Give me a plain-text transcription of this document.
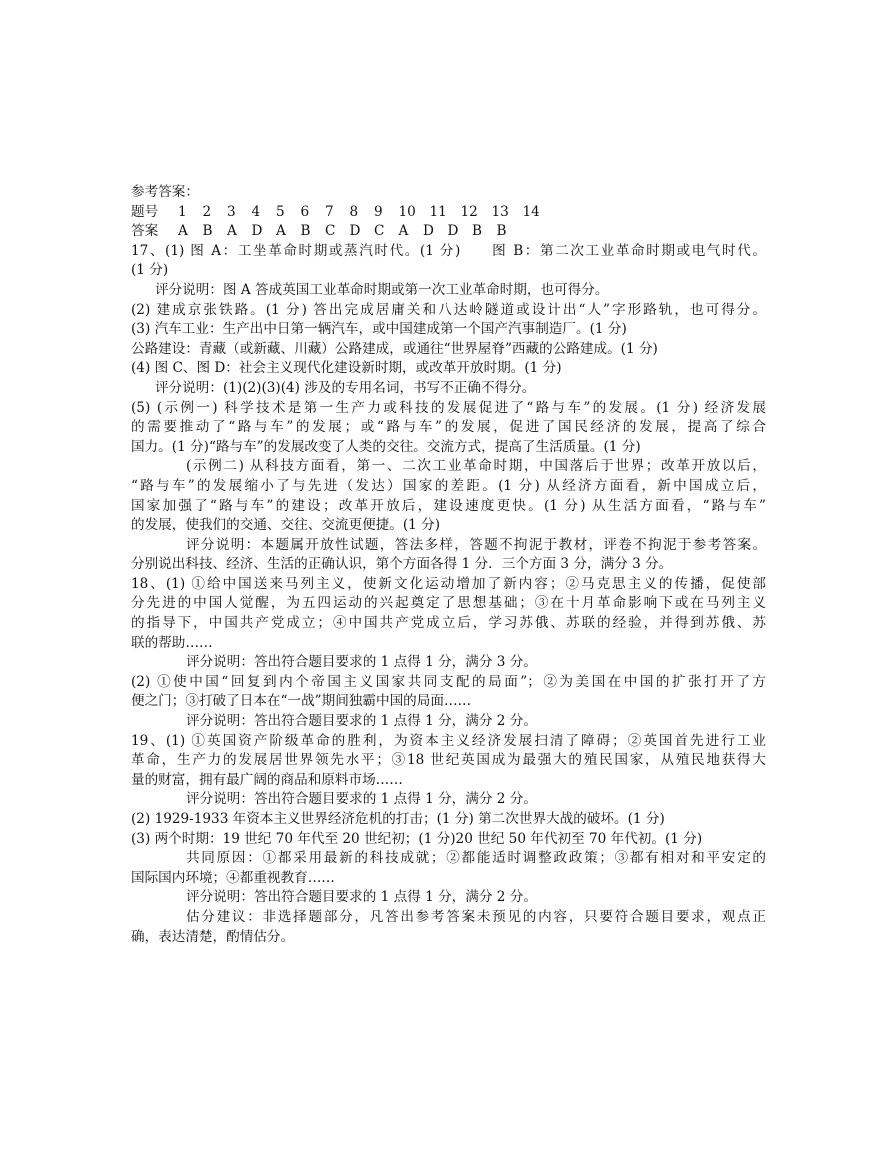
参考答案：
题号 1 2 3 4 5 6 7 8 9 10 11 12 13 14
答案 A B A D A B C D C A D D B B
17、(1) 图 A：工坐革命时期或蒸汽时代。(1 分)　　图 B：第二次工业革命时期或电气时代。
(1 分)
评分说明：图 A 答成英国工业革命时期或第一次工业革命时期，也可得分。
(2) 建成京张铁路。(1 分) 答出完成居庸关和八达岭隧道或设计出“人”字形路轨，也可得分。
(3) 汽车工业：生产出中日第一辆汽车，或中国建成第一个国产汽事制造厂。(1 分)
公路建设：青藏（或新藏、川藏）公路建成，或通往“世界屋脊”西藏的公路建成。(1 分)
(4) 图 C、图 D：社会主义现代化建设新时期，或改革开放时期。(1 分)
评分说明：(1)(2)(3)(4) 涉及的专用名词，书写不正确不得分。
(5) (示例一) 科学技术是第一生产力或科技的发展促进了“路与车”的发展。(1 分) 经济发展
的需要推动了“路与车”的发展；或“路与车”的发展，促进了国民经济的发展，提高了综合
国力。(1 分)“路与车”的发展改变了人类的交往。交流方式，提高了生活质量。(1 分)
(示例二) 从科技方面看，第一、二次工业革命时期，中国落后于世界；改革开放以后，
“路与车”的发展缩小了与先进（发达）国家的差距。(1 分) 从经济方面看，新中国成立后，
国家加强了“路与车”的建设；改革开放后，建设速度更快。(1 分) 从生活方面看，“路与车”
的发展，使我们的交通、交往、交流更便捷。(1 分)
评分说明：本题属开放性试题，答法多样，答题不拘泥于教材，评卷不拘泥于参考答案。
分别说出科技、经济、生活的正确认识，第个方面各得 1 分．三个方面 3 分，满分 3 分。
18、(1) ①给中国送来马列主义，使新文化运动增加了新内容；②马克思主义的传播，促使部
分先进的中国人觉醒，为五四运动的兴起奠定了思想基础；③在十月革命影响下或在马列主义
的指导下，中国共产党成立；④中国共产党成立后，学习苏俄、苏联的经验，并得到苏俄、苏
联的帮助……
评分说明：答出符合题目要求的 1 点得 1 分，满分 3 分。
(2) ①使中国“回复到内个帝国主义国家共同支配的局面”；②为美国在中国的扩张打开了方
便之门；③打破了日本在“一战”期间独霸中国的局面……
评分说明：答出符合题目要求的 1 点得 1 分，满分 2 分。
19、(1) ①英国资产阶级革命的胜利，为资本主义经济发展扫清了障碍；②英国首先进行工业
革命，生产力的发展居世界领先水平；③18 世纪英国成为最强大的殖民国家，从殖民地获得大
量的财富，拥有最广阔的商品和原料市场……
评分说明：答出符合题目要求的 1 点得 1 分，满分 2 分。
(2) 1929-1933 年资本主义世界经济危机的打击；(1 分) 第二次世界大战的破坏。(1 分)
(3) 两个时期：19 世纪 70 年代至 20 世纪初；(1 分)20 世纪 50 年代初至 70 年代初。(1 分)
共同原因：①都采用最新的科技成就；②都能适时调整政政策；③都有相对和平安定的
国际国内环境；④都重视教育……
评分说明：答出符合题目要求的 1 点得 1 分，满分 2 分。
估分建议：非选择题部分，凡答出参考答案未预见的内容，只要符合题目要求，观点正
确，表达清楚，酌情估分。
